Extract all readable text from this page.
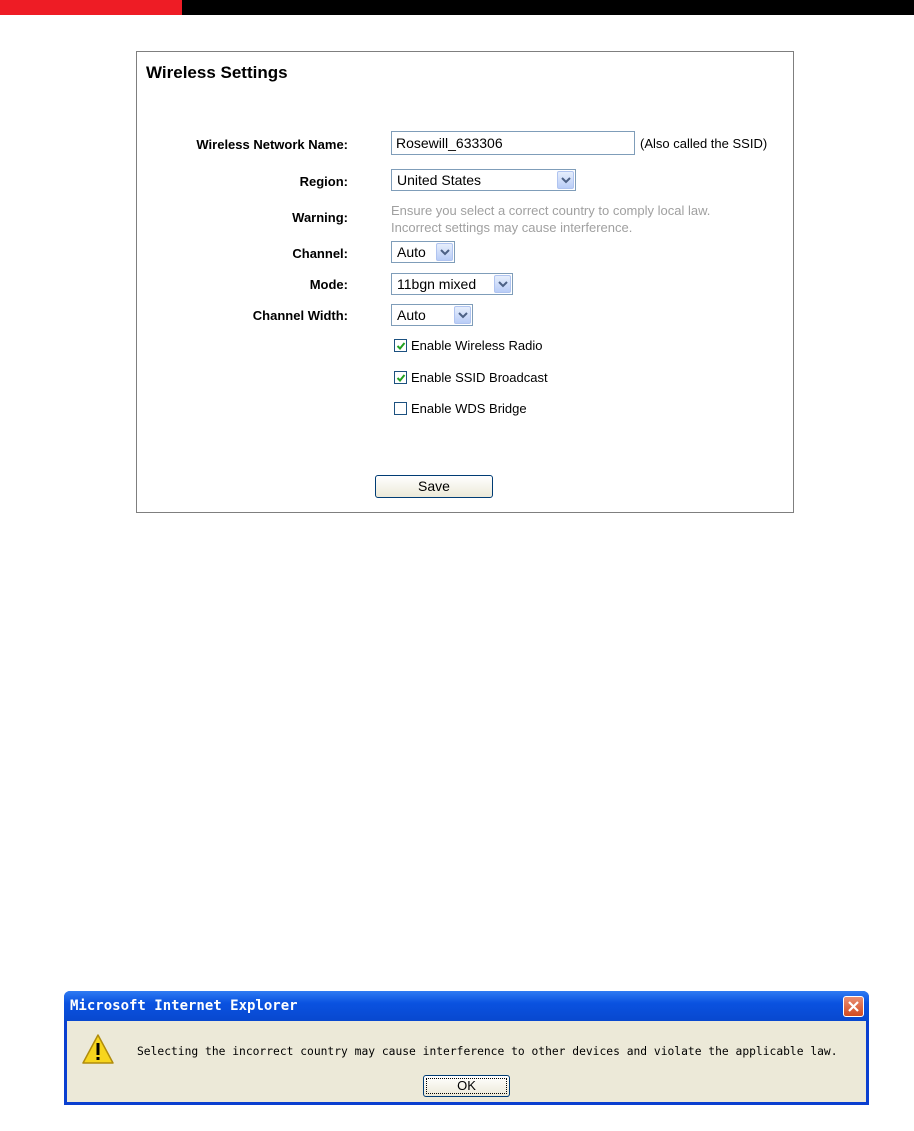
Wireless Settings
Wireless Network Name:
Rosewill_633306	(Also called the SSID)
Region:	United States
Warning:	Ensure you select a correct country to comply local law.
Incorrect settings may cause interference.
Channel:	Auto
Mode:	11bgn mixed
Channel Width:	Auto
Enable Wireless Radio
Enable SSID Broadcast
Enable WDS Bridge
Save
Microsoft Internet Explorer
Selecting the incorrect country may cause interference to other devices and violate the applicable law.
OK
